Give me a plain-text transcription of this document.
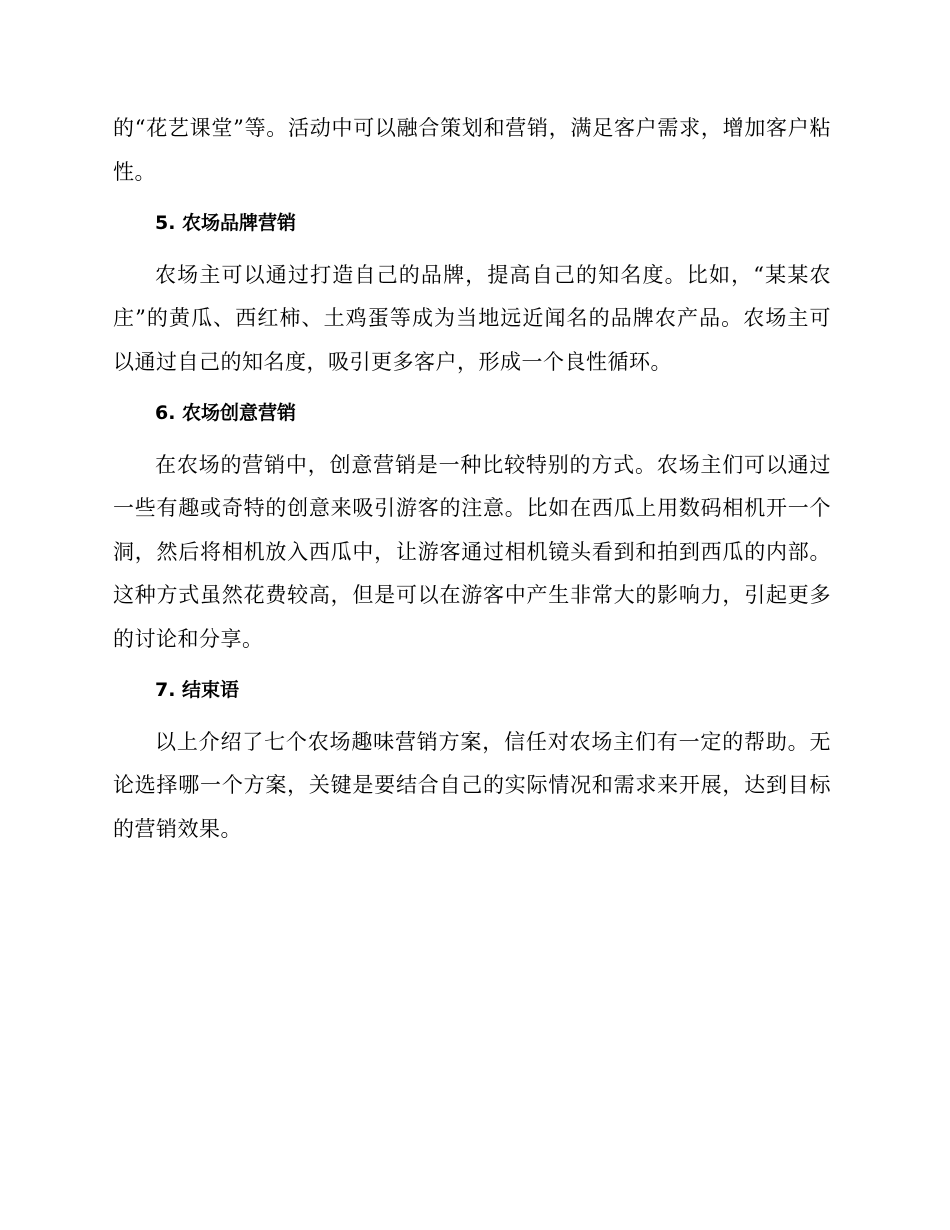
的“花艺课堂”等。活动中可以融合策划和营销，满足客户需求，增加客户粘性。

5. 农场品牌营销

农场主可以通过打造自己的品牌，提高自己的知名度。比如，“某某农庄”的黄瓜、西红柿、土鸡蛋等成为当地远近闻名的品牌农产品。农场主可以通过自己的知名度，吸引更多客户，形成一个良性循环。

6. 农场创意营销

在农场的营销中，创意营销是一种比较特别的方式。农场主们可以通过一些有趣或奇特的创意来吸引游客的注意。比如在西瓜上用数码相机开一个洞，然后将相机放入西瓜中，让游客通过相机镜头看到和拍到西瓜的内部。这种方式虽然花费较高，但是可以在游客中产生非常大的影响力，引起更多的讨论和分享。

7. 结束语

以上介绍了七个农场趣味营销方案，信任对农场主们有一定的帮助。无论选择哪一个方案，关键是要结合自己的实际情况和需求来开展，达到目标的营销效果。
